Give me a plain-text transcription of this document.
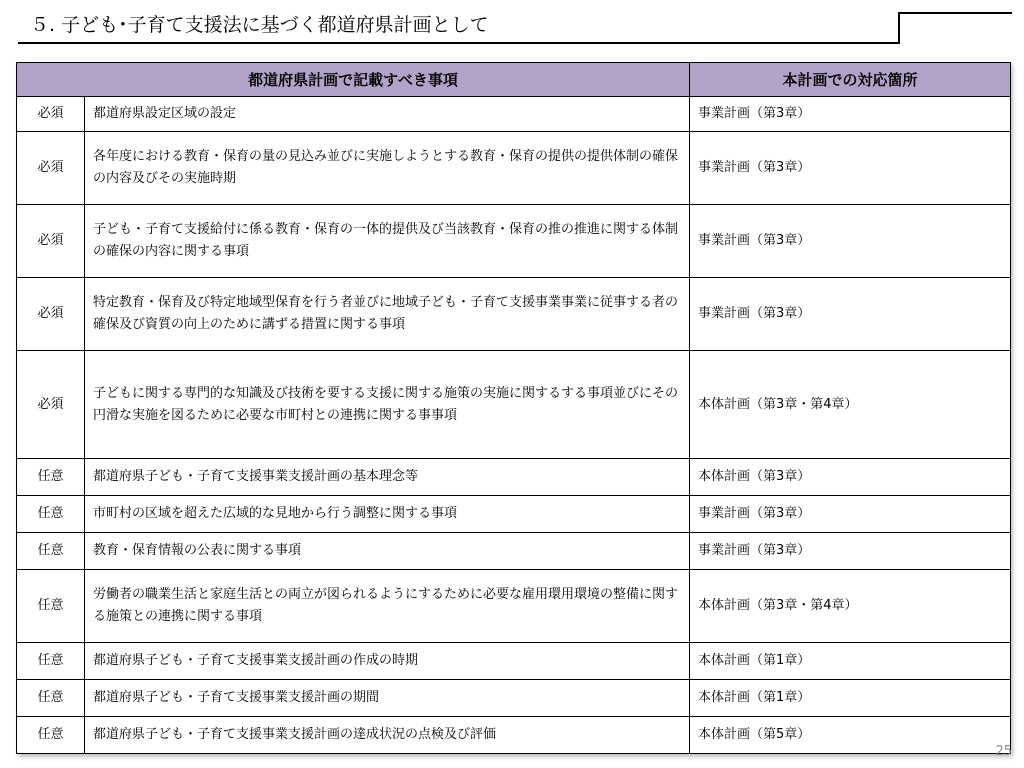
５. 子ども･子育て支援法に基づく都道府県計画として
都道府県計画で記載すべき事項		本計画での対応箇所
必須	都道府県設定区域の設定	事業計画（第3章）
必須	各年度における教育・保育の量の見込み並びに実施しようとする教育・保育の提供の提供体制の確保の内容及びその実施時期	事業計画（第3章）
必須	子ども・子育て支援給付に係る教育・保育の一体的提供及び当該教育・保育の推の推進に関する体制の確保の内容に関する事項	事業計画（第3章）
必須	特定教育・保育及び特定地域型保育を行う者並びに地域子ども・子育て支援事業事業に従事する者の確保及び資質の向上のために講ずる措置に関する事項	事業計画（第3章）
必須	子どもに関する専門的な知識及び技術を要する支援に関する施策の実施に関するする事項並びにその円滑な実施を図るために必要な市町村との連携に関する事事項	本体計画（第3章・第4章）
任意	都道府県子ども・子育て支援事業支援計画の基本理念等	本体計画（第3章）
任意	市町村の区域を超えた広域的な見地から行う調整に関する事項	事業計画（第3章）
任意	教育・保育情報の公表に関する事項	事業計画（第3章）
任意	労働者の職業生活と家庭生活との両立が図られるようにするために必要な雇用環用環境の整備に関する施策との連携に関する事項	本体計画（第3章・第4章）
任意	都道府県子ども・子育て支援事業支援計画の作成の時期	本体計画（第1章）
任意	都道府県子ども・子育て支援事業支援計画の期間	本体計画（第1章）
任意	都道府県子ども・子育て支援事業支援計画の達成状況の点検及び評価	本体計画（第5章）
25
